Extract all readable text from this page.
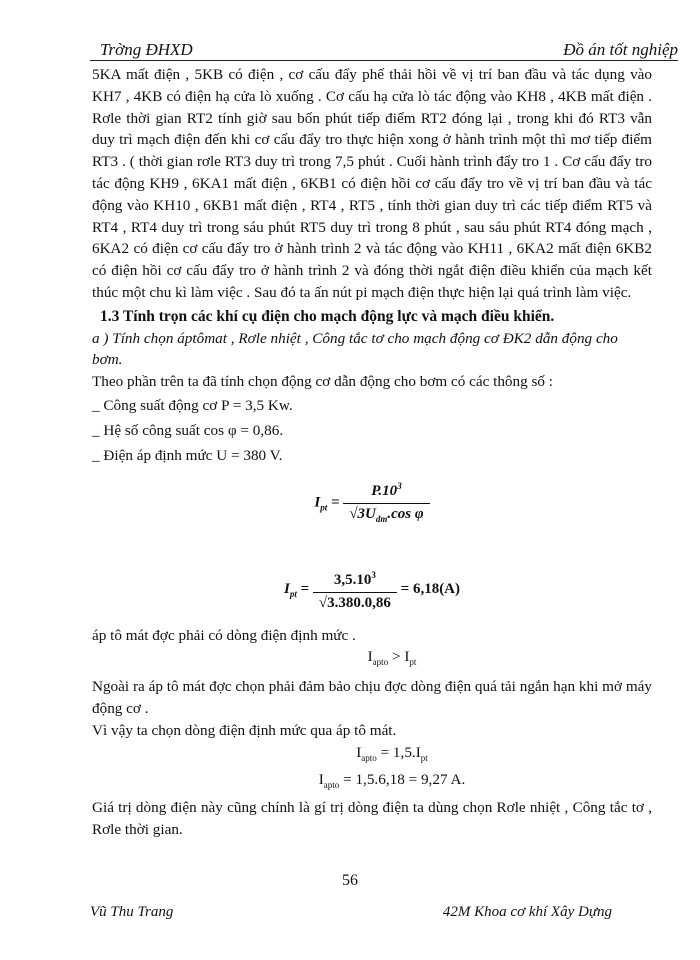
Trờng ĐHXD	Đồ án tốt nghiệp

5KA mất điện , 5KB có điện , cơ cấu đẩy phế thải hồi về vị trí ban đầu và tác dụng vào KH7 , 4KB có điện hạ cửa lò xuống . Cơ cấu hạ cửa lò tác động vào KH8 , 4KB mất điện . Rơle thời gian RT2 tính giờ sau bốn phút tiếp điểm RT2 đóng lại , trong khi đó RT3 vẫn duy trì mạch điện đến khi cơ cấu đẩy tro thực hiện xong ở hành trình một thì mơ tiếp điểm RT3 . ( thời gian rơle RT3 duy trì trong 7,5 phút . Cuối hành trình đẩy tro 1 . Cơ cấu đẩy tro tác động KH9 , 6KA1 mất điện , 6KB1 có điện hồi cơ cấu đẩy tro về vị trí ban đầu và tác động vào KH10 , 6KB1 mất điện , RT4 , RT5 , tính thời gian duy trì các tiếp điểm RT5 và RT4 , RT4 duy trì trong sáu phút RT5 duy trì trong 8 phút , sau sáu phút RT4 đóng mạch , 6KA2 có điện cơ cấu đẩy tro ở hành trình 2 và tác động vào KH11 , 6KA2 mất điện 6KB2 có điện hồi cơ cấu đẩy tro ở hành trình 2 và đóng thời ngắt điện điều khiển của mạch kết thúc một chu kì làm việc . Sau đó ta ấn nút pi mạch điện thực hiện lại quá trình làm việc.

1.3 Tính trọn các khí cụ điện cho mạch động lực và mạch điều khiển.

a ) Tính chọn áptômat , Rơle nhiệt , Công tắc tơ cho mạch động cơ ĐK2 dẫn động cho bơm.

Theo phần trên ta đã tính chọn động cơ dẫn động cho bơm có các thông số :

_ Công suất động cơ P = 3,5 Kw.

_ Hệ số công suất cos φ = 0,86.

_ Điện áp định mức U = 380 V.

$I_{pt} = \frac{P.10^3}{√3U_{dm}.\cos \varphi}$

$I_{pt} = \frac{3,5.10^3}{√3.380.0,86} = 6,18(A)$

áp tô mát đợc phải có dòng điện định mức .

$I_{apto} > I_{pt}$

Ngoài ra áp tô mát đợc chọn phải đảm bảo chịu đợc dòng điện quá tải ngắn hạn khi mở máy động cơ .

Vì vậy ta chọn dòng điện định mức qua áp tô mát.

$I_{apto} = 1,5.I_{pt}$

$I_{apto} = 1,5.6,18 = 9,27$ A.

Giá trị dòng điện này cũng chính là gí trị dòng điện ta dùng chọn Rơle nhiệt , Công tắc tơ , Rơle thời gian.

56
Vũ Thu Trang	42M Khoa cơ khí Xây Dựng
